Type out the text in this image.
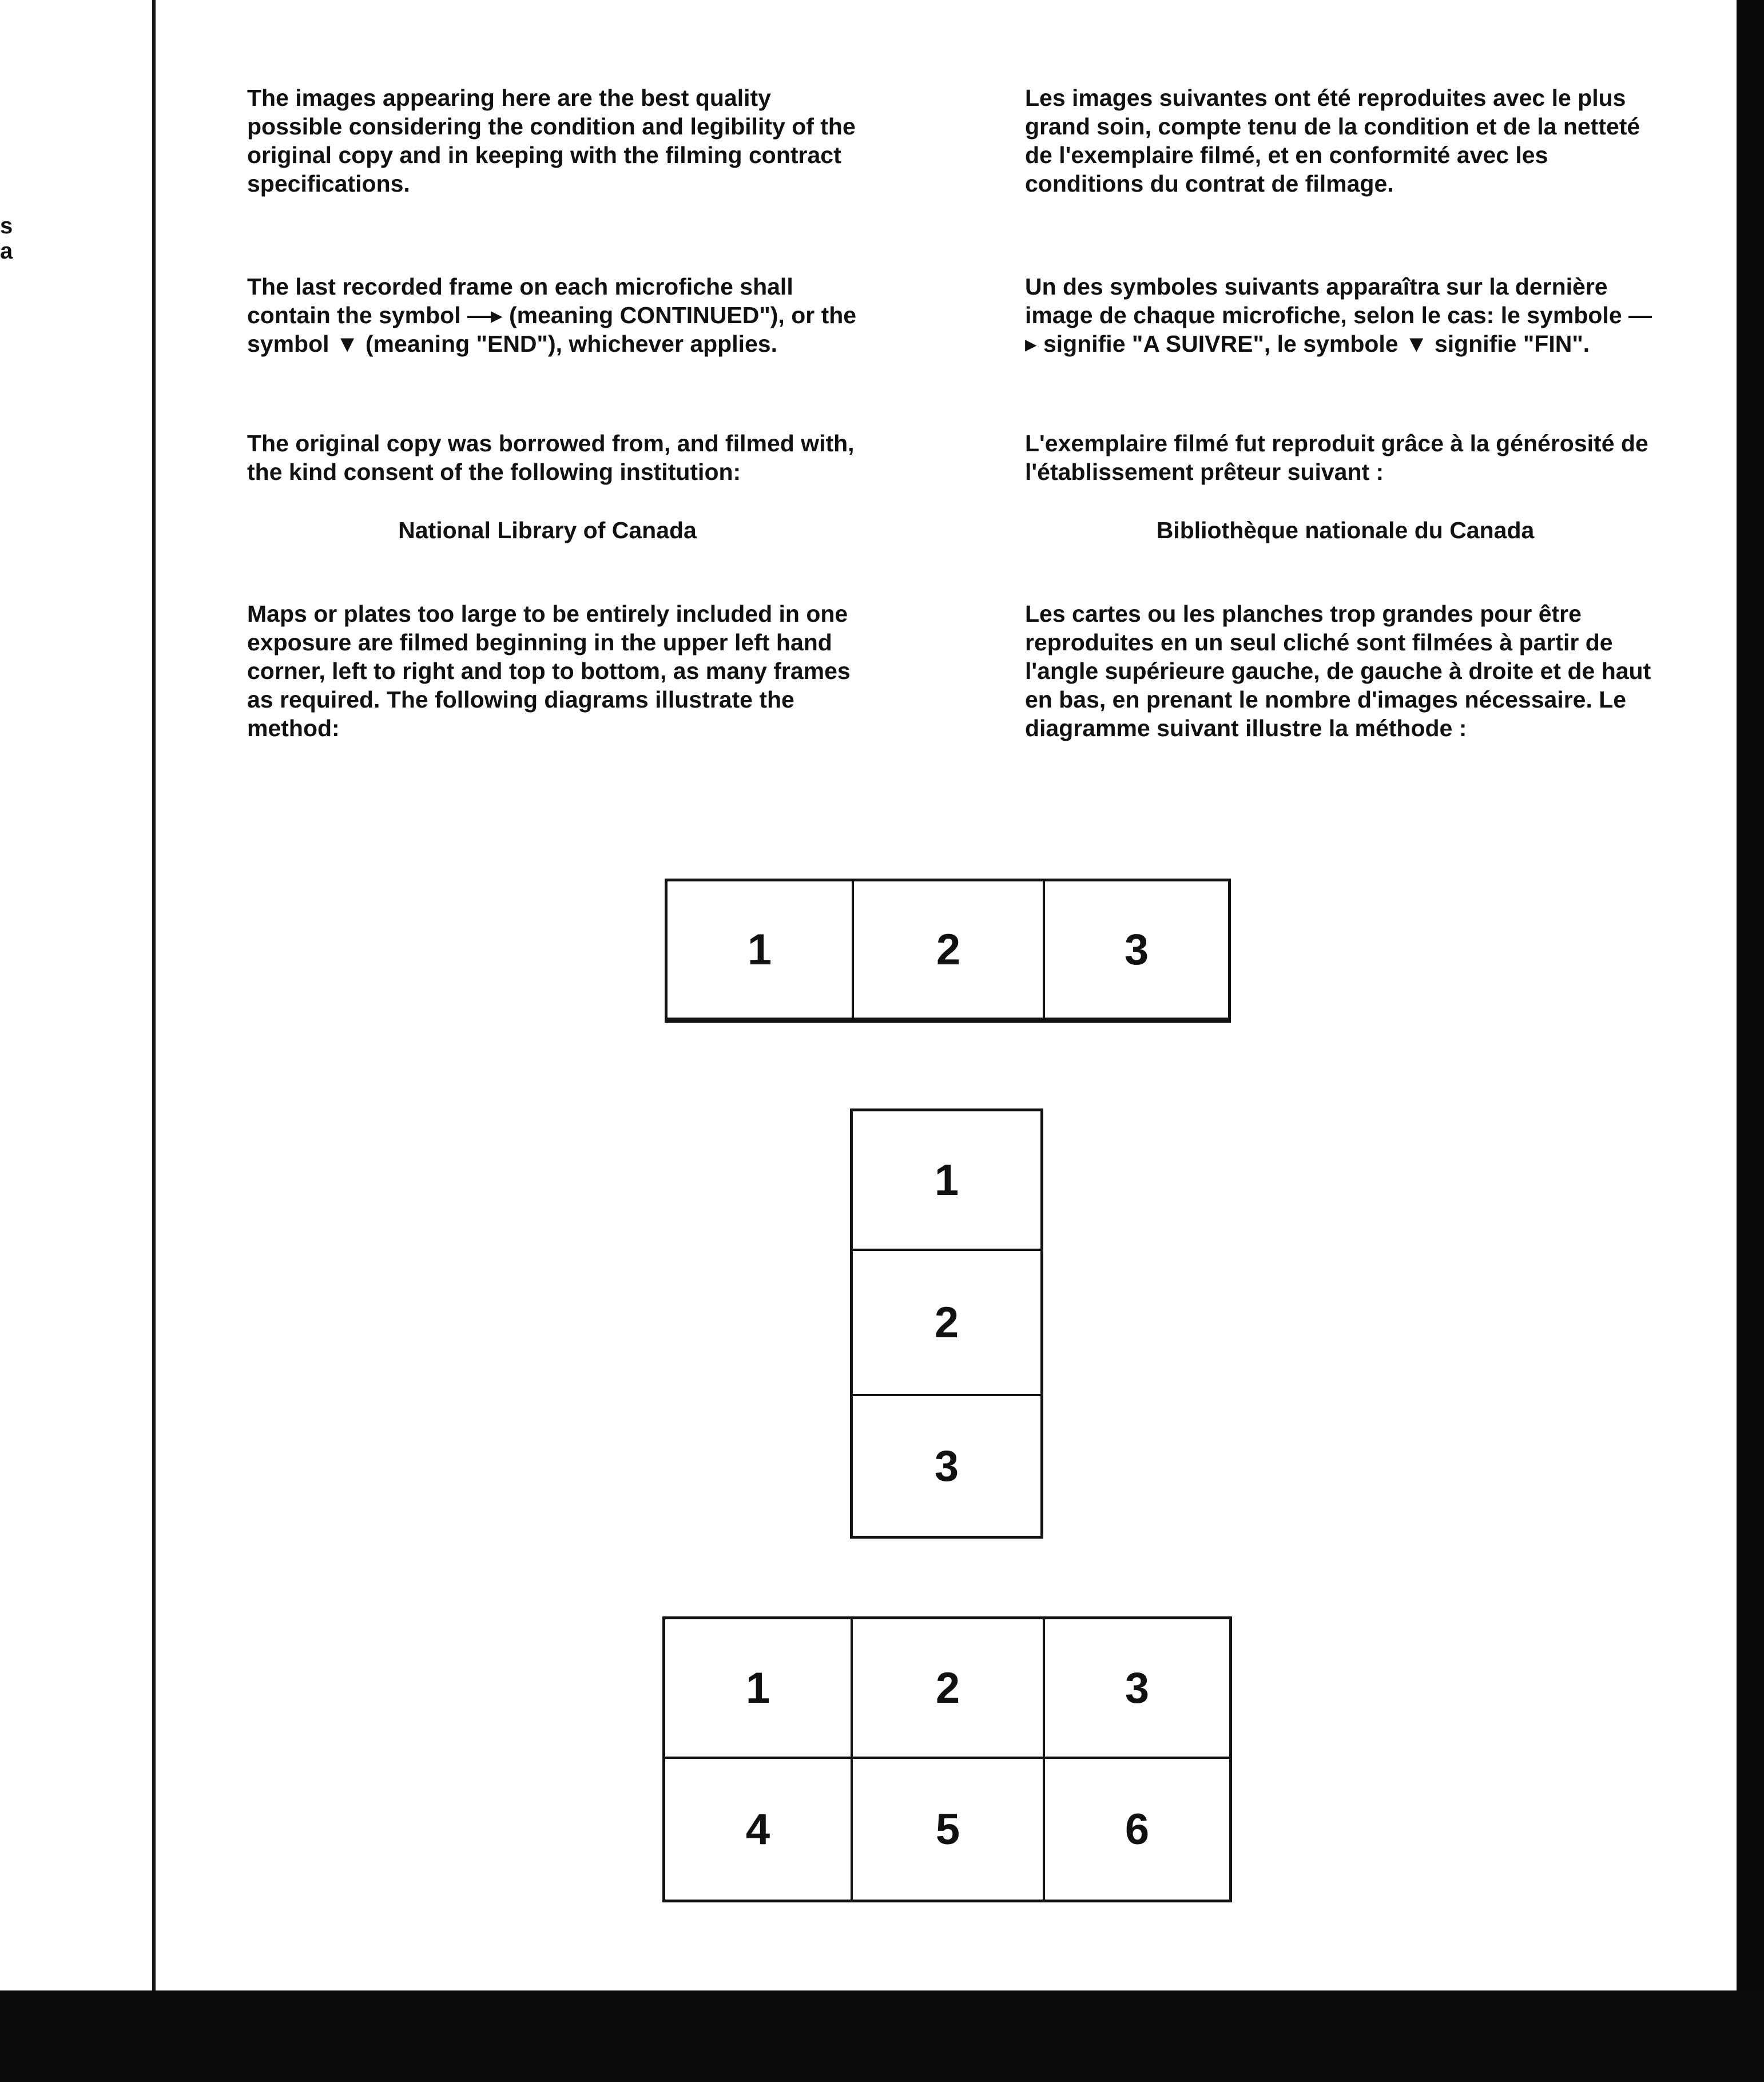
s
a

The images appearing here are the best quality possible considering the condition and legibility of the original copy and in keeping with the filming contract specifications.

The last recorded frame on each microfiche shall contain the symbol —▸ (meaning CONTINUED"), or the symbol ▼ (meaning "END"), whichever applies.

The original copy was borrowed from, and filmed with, the kind consent of the following institution:

National Library of Canada

Maps or plates too large to be entirely included in one exposure are filmed beginning in the upper left hand corner, left to right and top to bottom, as many frames as required. The following diagrams illustrate the method:

Les images suivantes ont été reproduites avec le plus grand soin, compte tenu de la condition et de la netteté de l'exemplaire filmé, et en conformité avec les conditions du contrat de filmage.

Un des symboles suivants apparaîtra sur la dernière image de chaque microfiche, selon le cas: le symbole —▸ signifie "A SUIVRE", le symbole ▼ signifie "FIN".

L'exemplaire filmé fut reproduit grâce à la générosité de l'établissement prêteur suivant :

Bibliothèque nationale du Canada

Les cartes ou les planches trop grandes pour être reproduites en un seul cliché sont filmées à partir de l'angle supérieure gauche, de gauche à droite et de haut en bas, en prenant le nombre d'images nécessaire. Le diagramme suivant illustre la méthode :

1	2	3
1
2
3
1	2	3
4	5	6
